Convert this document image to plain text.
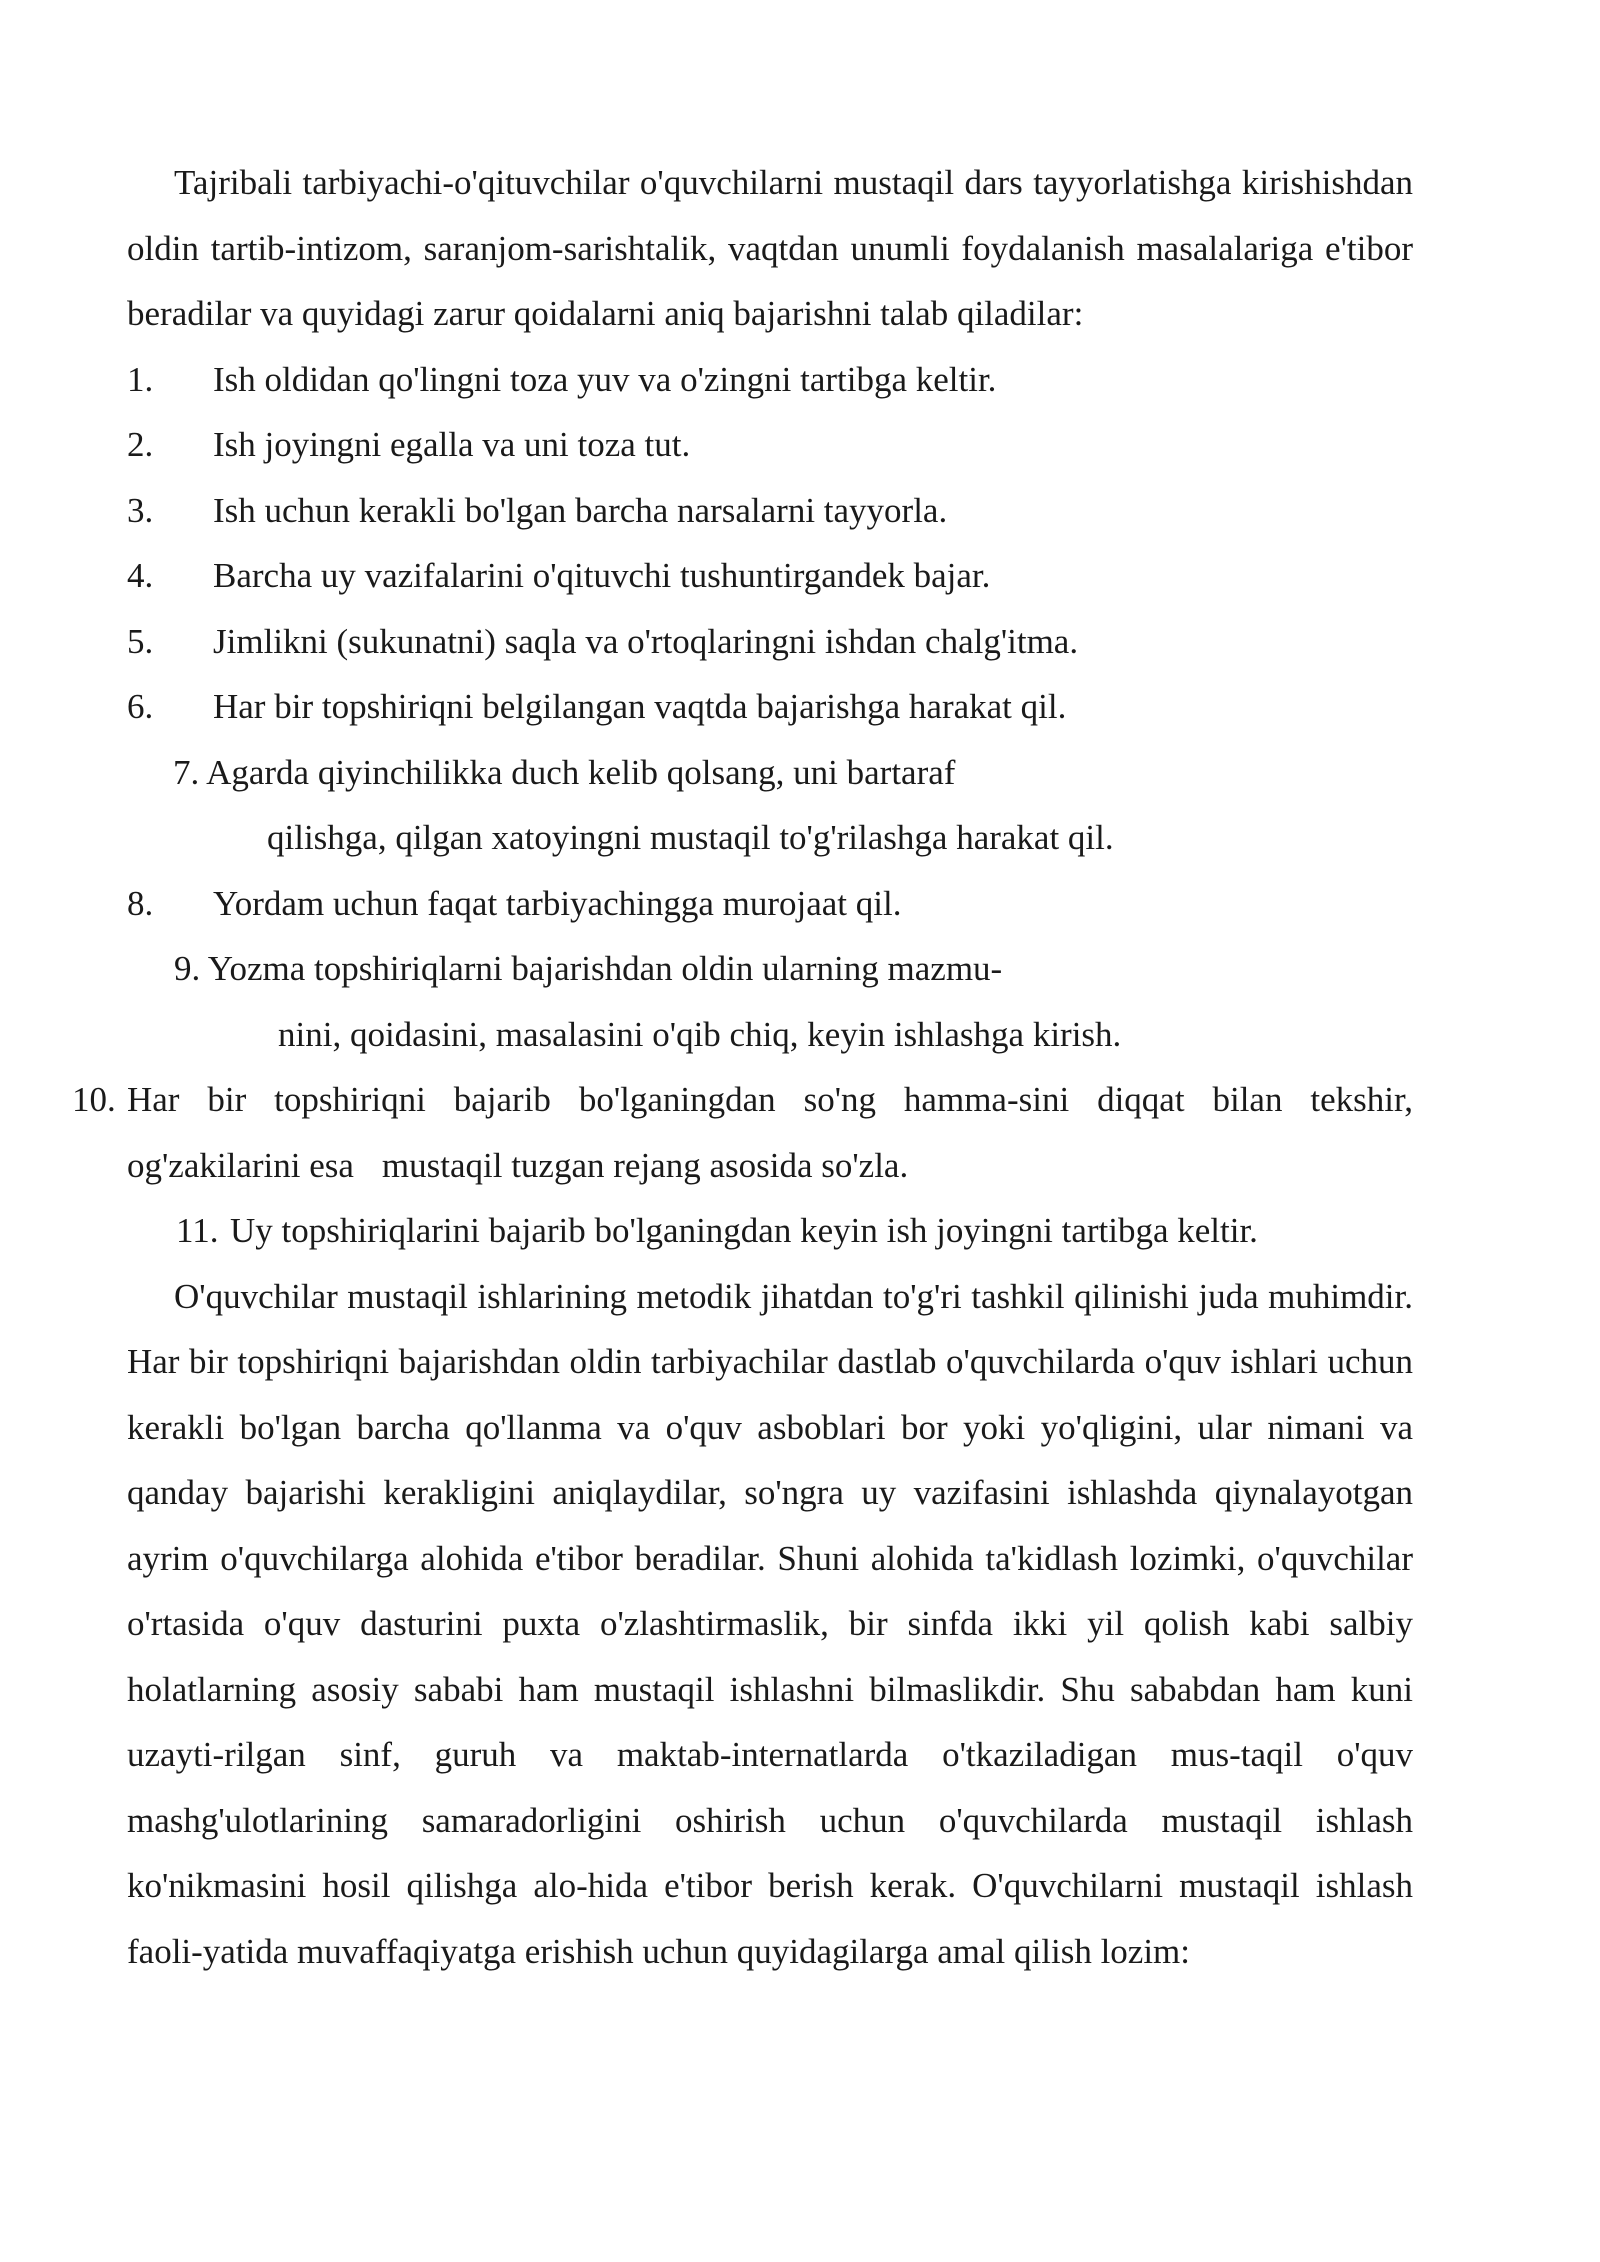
Tajribali tarbiyachi-o'qituvchilar o'quvchilarni mustaqil dars tayyorlatishga kirishishdan oldin tartib-intizom, saranjom-sarishtalik, vaqtdan unumli foydalanish masalalariga e'tibor beradilar va quyidagi zarur qoidalarni aniq bajarishni talab qiladilar:

1. Ish oldidan qo'lingni toza yuv va o'zingni tartibga keltir.
2. Ish joyingni egalla va uni toza tut.
3. Ish uchun kerakli bo'lgan barcha narsalarni tayyorla.
4. Barcha uy vazifalarini o'qituvchi tushuntirgandek bajar.
5. Jimlikni (sukunatni) saqla va o'rtoqlaringni ishdan chalg'itma.
6. Har bir topshiriqni belgilangan vaqtda bajarishga harakat qil.
7. Agarda qiyinchilikka duch kelib qolsang, uni bartaraf
qilishga, qilgan xatoyingni mustaqil to'g'rilashga harakat qil.
8. Yordam uchun faqat tarbiyachingga murojaat qil.
9. Yozma topshiriqlarni bajarishdan oldin ularning mazmu-
nini, qoidasini, masalasini o'qib chiq, keyin ishlashga kirish.

10. Har bir topshiriqni bajarib bo'lganingdan so'ng hamma-sini diqqat bilan tekshir, og'zakilarini esa mustaqil tuzgan rejang asosida so'zla.

11. Uy topshiriqlarini bajarib bo'lganingdan keyin ish joyingni tartibga keltir.

O'quvchilar mustaqil ishlarining metodik jihatdan to'g'ri tashkil qilinishi juda muhimdir. Har bir topshiriqni bajarishdan oldin tarbiyachilar dastlab o'quvchilarda o'quv ishlari uchun kerakli bo'lgan barcha qo'llanma va o'quv asboblari bor yoki yo'qligini, ular nimani va qanday bajarishi kerakligini aniqlaydilar, so'ngra uy vazifasini ishlashda qiynalayotgan ayrim o'quvchilarga alohida e'tibor beradilar. Shuni alohida ta'kidlash lozimki, o'quvchilar o'rtasida o'quv dasturini puxta o'zlashtirmaslik, bir sinfda ikki yil qolish kabi salbiy holatlarning asosiy sababi ham mustaqil ishlashni bilmaslikdir. Shu sababdan ham kuni uzayti-rilgan sinf, guruh va maktab-internatlarda o'tkaziladigan mus-taqil o'quv mashg'ulotlarining samaradorligini oshirish uchun o'quvchilarda mustaqil ishlash ko'nikmasini hosil qilishga alo-hida e'tibor berish kerak. O'quvchilarni mustaqil ishlash faoli-yatida muvaffaqiyatga erishish uchun quyidagilarga amal qilish lozim:
